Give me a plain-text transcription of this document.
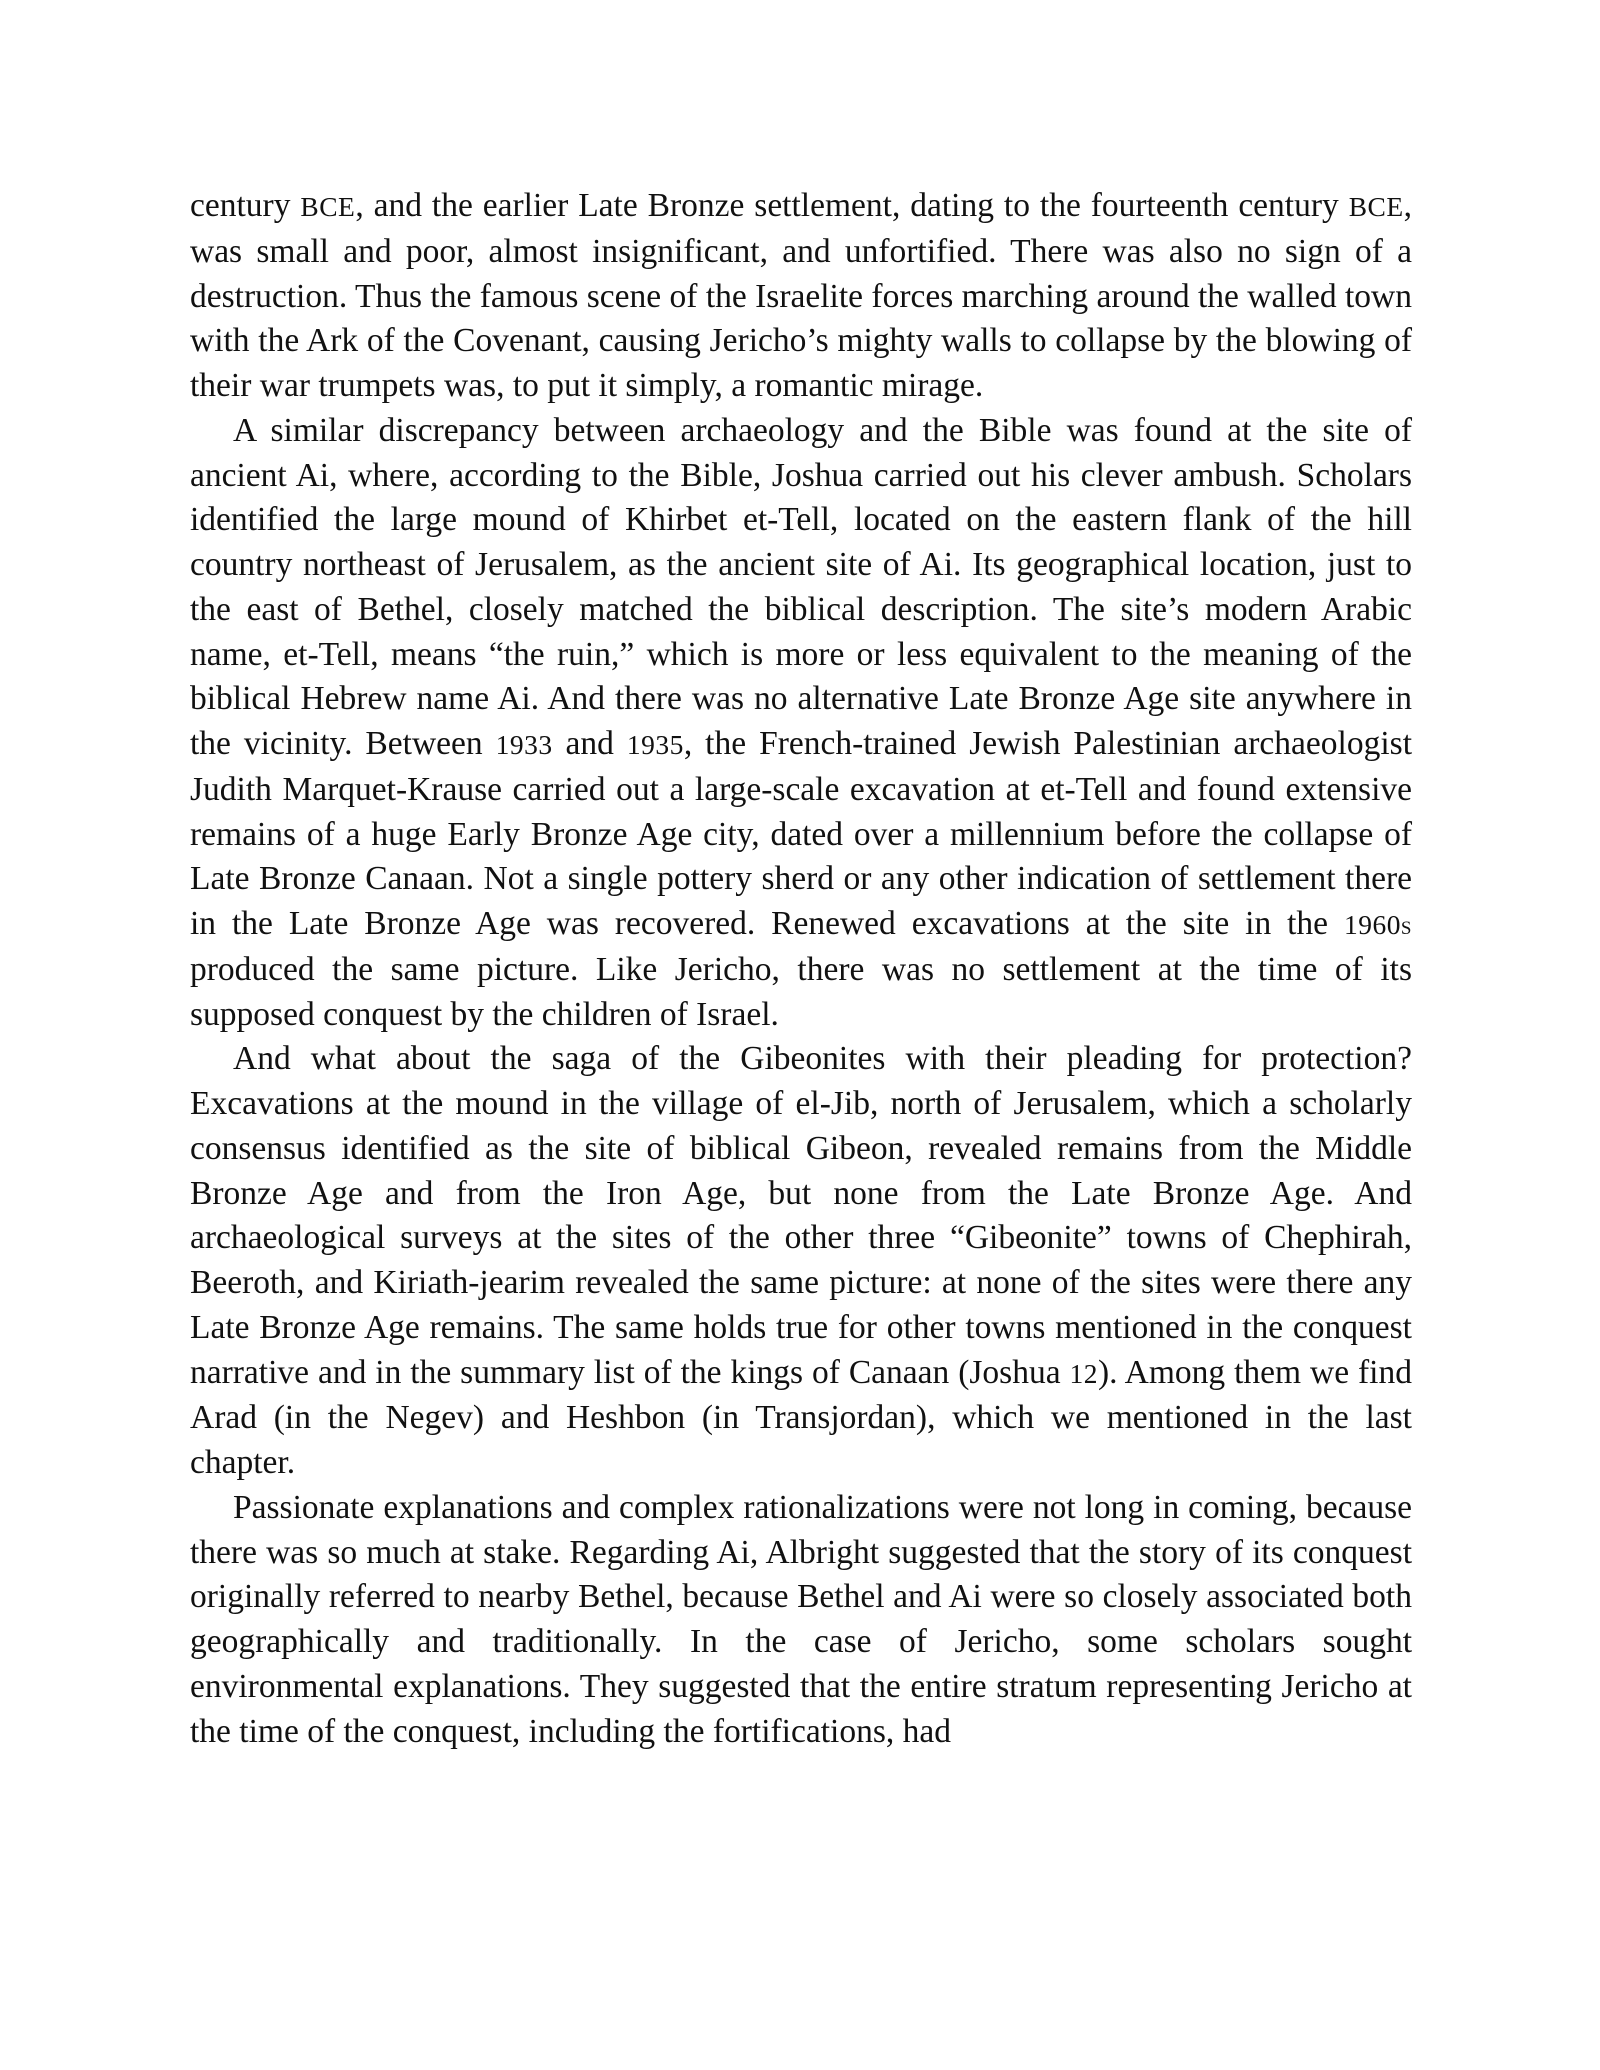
century BCE, and the earlier Late Bronze settlement, dating to the fourteenth century BCE, was small and poor, almost insignificant, and unfortified. There was also no sign of a destruction. Thus the famous scene of the Israelite forces marching around the walled town with the Ark of the Covenant, causing Jericho’s mighty walls to collapse by the blowing of their war trumpets was, to put it simply, a romantic mirage.

A similar discrepancy between archaeology and the Bible was found at the site of ancient Ai, where, according to the Bible, Joshua carried out his clever ambush. Scholars identified the large mound of Khirbet et-Tell, located on the eastern flank of the hill country northeast of Jerusalem, as the ancient site of Ai. Its geographical location, just to the east of Bethel, closely matched the biblical description. The site’s modern Arabic name, et-Tell, means “the ruin,” which is more or less equivalent to the meaning of the biblical Hebrew name Ai. And there was no alternative Late Bronze Age site anywhere in the vicinity. Between 1933 and 1935, the French-trained Jewish Palestinian archaeologist Judith Marquet-Krause carried out a large-scale excavation at et-Tell and found extensive remains of a huge Early Bronze Age city, dated over a millennium before the collapse of Late Bronze Canaan. Not a single pottery sherd or any other indication of settlement there in the Late Bronze Age was recovered. Renewed excavations at the site in the 1960s produced the same picture. Like Jericho, there was no settlement at the time of its supposed conquest by the children of Israel.

And what about the saga of the Gibeonites with their pleading for protection? Excavations at the mound in the village of el-Jib, north of Jerusalem, which a scholarly consensus identified as the site of biblical Gibeon, revealed remains from the Middle Bronze Age and from the Iron Age, but none from the Late Bronze Age. And archaeological surveys at the sites of the other three “Gibeonite” towns of Chephirah, Beeroth, and Kiriath-jearim revealed the same picture: at none of the sites were there any Late Bronze Age remains. The same holds true for other towns mentioned in the conquest narrative and in the summary list of the kings of Canaan (Joshua 12). Among them we find Arad (in the Negev) and Heshbon (in Transjordan), which we mentioned in the last chapter.

Passionate explanations and complex rationalizations were not long in coming, because there was so much at stake. Regarding Ai, Albright suggested that the story of its conquest originally referred to nearby Bethel, because Bethel and Ai were so closely associated both geographically and traditionally. In the case of Jericho, some scholars sought environmental explanations. They suggested that the entire stratum representing Jericho at the time of the conquest, including the fortifications, had
